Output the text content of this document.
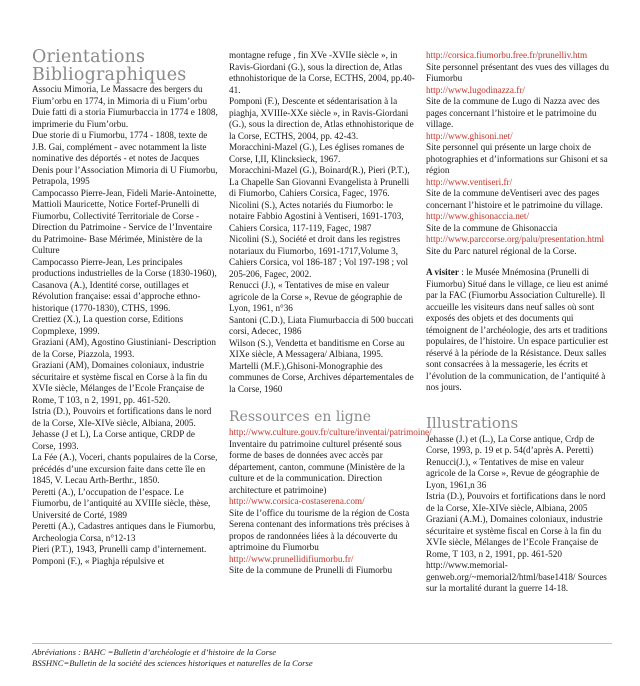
Orientations Bibliographiques

Associu Mimoria, Le Massacre des bergers du Fium’orbu en 1774, in Mimoria di u Fium’orbu Duie fatti di a storia Fiumurbaccia in 1774 e 1808, imprimerie du Fium’orbu.

Due storie di u Fiumorbu, 1774 - 1808, texte de J.B. Gai, complément - avec notamment la liste nominative des déportés - et notes de Jacques Denis pour l’Association Mimoria di U Fiumorbu, Petrapola, 1995

Campocasso Pierre-Jean, Fideli Marie-Antoinette, Mattioli Mauricette, Notice Fortef-Prunelli di Fiumorbu, Collectivité Territoriale de Corse - Direction du Patrimoine - Service de l’Inventaire du Patrimoine- Base Mérimée, Ministère de la Culture

Campocasso Pierre-Jean, Les principales productions industrielles de la Corse (1830-1960),

Casanova (A.), Identité corse, outillages et Révolution française: essai d’approche ethno-historique (1770-1830), CTHS, 1996.

Crettiez (X.), La question corse, Editions Copmplexe, 1999.

Graziani (AM), Agostino Giustiniani- Description de la Corse, Piazzola, 1993.

Graziani (AM), Domaines coloniaux, industrie sécuritaire et système fiscal en Corse à la fin du XVIe siècle, Mélanges de l’Ecole Française de Rome, T 103, n 2, 1991, pp. 461-520.

Istria (D.), Pouvoirs et fortifications dans le nord de la Corse, XIe-XIVe siècle, Albiana, 2005.

Jehasse (J et L), La Corse antique, CRDP de Corse, 1993.

La Fée (A.), Voceri, chants populaires de la Corse, précédés d’une excursion faite dans cette île en 1845, V. Lecau Arth-Berthr., 1850.

Peretti (A.), L’occupation de l’espace. Le Fiumorbu, de l’antiquité au XVIIIe siècle, thèse, Université de Corté, 1989

Peretti (A.), Cadastres antiques dans le Fiumorbu, Archeologia Corsa, n°12-13

Pieri (P.T.), 1943, Prunelli camp d’internement.

Pomponi (F.), « Piaghja répulsive et

montagne refuge , fin XVe -XVIIe siècle », in Ravis-Giordani (G.), sous la direction de, Atlas ethnohistorique de la Corse, ECTHS, 2004, pp.40-41.

Pomponi (F.), Descente et sédentarisation à la piaghja, XVIIIe-XXe siècle », in Ravis-Giordani (G.), sous la direction de, Atlas ethnohistorique de la Corse, ECTHS, 2004, pp. 42-43.

Moracchini-Mazel (G.), Les églises romanes de Corse, I,II, Klincksieck, 1967.

Moracchini-Mazel (G.), Boinard(R.), Pieri (P.T.), La Chapelle San Giovanni Evangelista à Prunelli di Fiumorbo, Cahiers Corsica, Fagec, 1976.

Nicolini (S.), Actes notariés du Fiumorbo: le notaire Fabbio Agostini à Ventiseri, 1691-1703, Cahiers Corsica, 117-119, Fagec, 1987

Nicolini (S.), Société et droit dans les registres notariaux du Fiumorbo, 1691-1717,Volume 3, Cahiers Corsica, vol 186-187 ; Vol 197-198 ; vol 205-206, Fagec, 2002.

Renucci (J.), « Tentatives de mise en valeur agricole de la Corse », Revue de géographie de Lyon, 1961, n°36

Santoni (C.D.), Liata Fiumurbaccia di 500 buccati corsi, Adecec, 1986

Wilson (S.), Vendetta et banditisme en Corse au XIXe siècle, A Messagera/ Albiana, 1995.

Martelli (M.F.),Ghisoni-Monographie des communes de Corse, Archives départementales de la Corse, 1960

Ressources en ligne
http://www.culture.gouv.fr/culture/inventai/patrimoine/

Inventaire du patrimoine culturel présenté sous forme de bases de données avec accès par département, canton, commune (Ministère de la culture et de la communication. Direction architecture et patrimoine)

http://www.corsica-costaserena.com/

Site de l’office du tourisme de la région de Costa Serena contenant des informations très précises à propos de randonnées liées à la découverte du aptrimoine du Fiumorbu

http://www.prunellidifiumorbu.fr/

Site de la commune de Prunelli di Fiumorbu

http://corsica.fiumorbu.free.fr/prunelliv.htm

Site personnel présentant des vues des villages du Fiumorbu

http://www.lugodinazza.fr/

Site de la commune de Lugo di Nazza avec des pages concernant l’histoire et le patrimoine du village.

http://www.ghisoni.net/

Site personnel qui présente un large choix de photographies et d’informations sur Ghisoni et sa région

http://www.ventiseri.fr/

Site de la commune deVentiseri avec des pages concernant l’histoire et le patrimoine du village.

http://www.ghisonaccia.net/

Site de la commune de Ghisonaccia

http://www.parccorse.org/palu/presentation.html

Site du Parc naturel régional de la Corse.

A visiter : le Musée Mnémosina (Prunelli di Fiumorbu) Situé dans le village, ce lieu est animé par la FAC (Fiumorbu Association Culturelle). Il accueille les visiteurs dans neuf salles où sont exposés des objets et des documents qui témoignent de l’archéologie, des arts et traditions populaires, de l’histoire. Un espace particulier est réservé à la période de la Résistance. Deux salles sont consacrées à la messagerie, les écrits et l’évolution de la communication, de l’antiquité à nos jours.

Illustrations

Jehasse (J.) et (L.), La Corse antique, Crdp de Corse, 1993, p. 19 et p. 54(d’après A. Peretti)

Renucci(J.), « Tentatives de mise en valeur agricole de la Corse », Revue de géographie de Lyon, 1961,n 36

Istria (D.), Pouvoirs et fortifications dans le nord de la Corse, XIe-XIVe siècle, Albiana, 2005

Graziani (A.M.), Domaines coloniaux, industrie sécuritaire et système fiscal en Corse à la fin du XVIe siècle, Mélanges de l’Ecole Française de Rome, T 103, n 2, 1991, pp. 461-520

http://www.memorial-genweb.org/~memorial2/html/base1418/ Sources sur la mortalité durant la guerre 14-18.

Abréviations : BAHC =Bulletin d’archéologie et d’histoire de la Corse
BSSHNC=Bulletin de la société des sciences historiques et naturelles de la Corse
